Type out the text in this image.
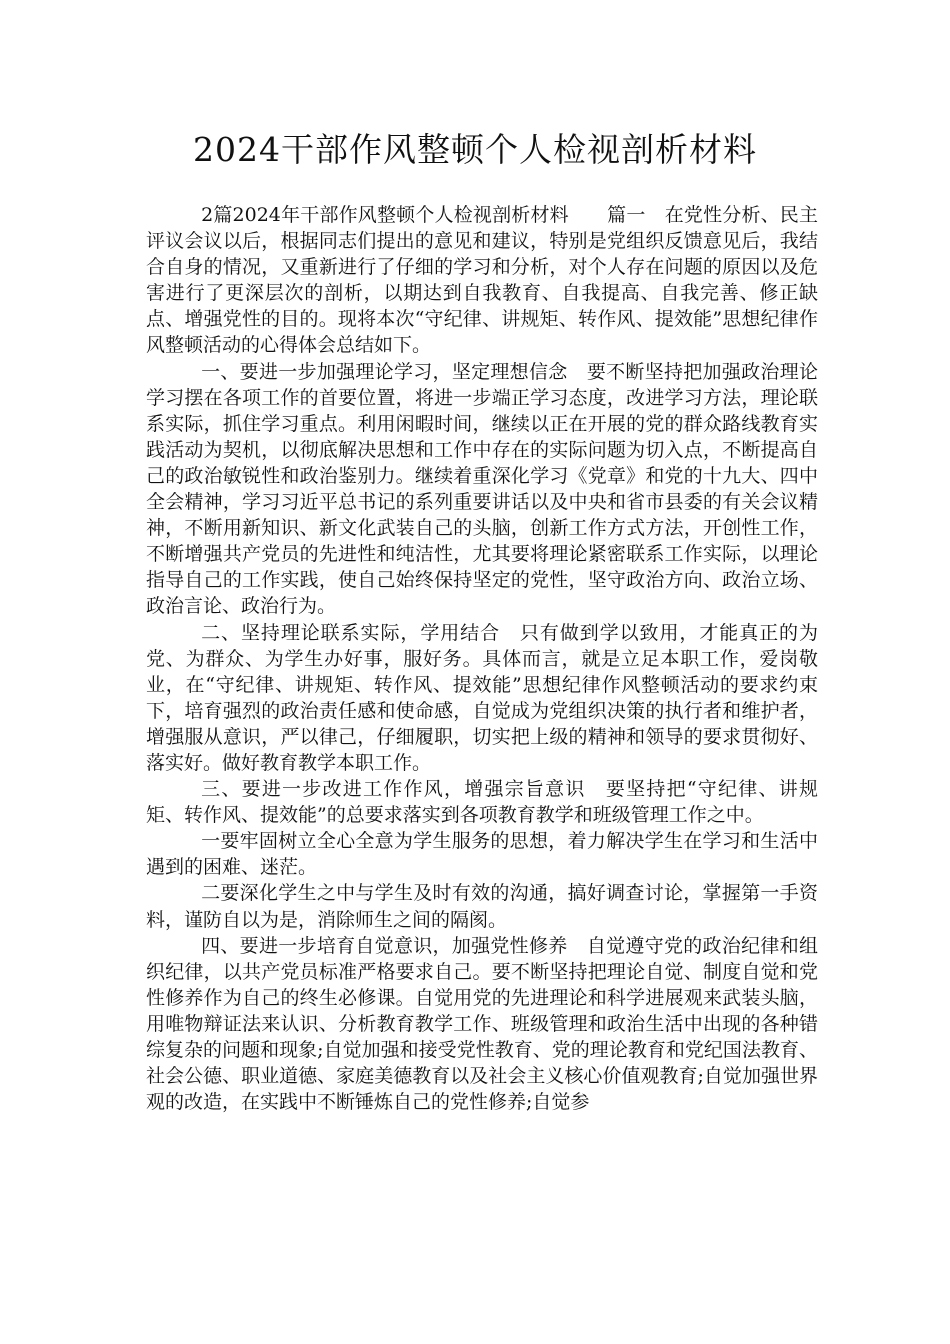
2024干部作风整顿个人检视剖析材料

2篇2024年干部作风整顿个人检视剖析材料　　篇一　在党性分析、民主评议会议以后，根据同志们提出的意见和建议，特别是党组织反馈意见后，我结合自身的情况，又重新进行了仔细的学习和分析，对个人存在问题的原因以及危害进行了更深层次的剖析，以期达到自我教育、自我提高、自我完善、修正缺点、增强党性的目的。现将本次“守纪律、讲规矩、转作风、提效能”思想纪律作风整顿活动的心得体会总结如下。

一、要进一步加强理论学习，坚定理想信念　要不断坚持把加强政治理论学习摆在各项工作的首要位置，将进一步端正学习态度，改进学习方法，理论联系实际，抓住学习重点。利用闲暇时间，继续以正在开展的党的群众路线教育实践活动为契机，以彻底解决思想和工作中存在的实际问题为切入点，不断提高自己的政治敏锐性和政治鉴别力。继续着重深化学习《党章》和党的十九大、四中全会精神，学习习近平总书记的系列重要讲话以及中央和省市县委的有关会议精神，不断用新知识、新文化武装自己的头脑，创新工作方式方法，开创性工作，不断增强共产党员的先进性和纯洁性，尤其要将理论紧密联系工作实际，以理论指导自己的工作实践，使自己始终保持坚定的党性，坚守政治方向、政治立场、政治言论、政治行为。

二、坚持理论联系实际，学用结合　只有做到学以致用，才能真正的为党、为群众、为学生办好事，服好务。具体而言，就是立足本职工作，爱岗敬业，在“守纪律、讲规矩、转作风、提效能”思想纪律作风整顿活动的要求约束下，培育强烈的政治责任感和使命感，自觉成为党组织决策的执行者和维护者，增强服从意识，严以律己，仔细履职，切实把上级的精神和领导的要求贯彻好、落实好。做好教育教学本职工作。

三、要进一步改进工作作风，增强宗旨意识　要坚持把“守纪律、讲规矩、转作风、提效能”的总要求落实到各项教育教学和班级管理工作之中。

一要牢固树立全心全意为学生服务的思想，着力解决学生在学习和生活中遇到的困难、迷茫。

二要深化学生之中与学生及时有效的沟通，搞好调查讨论，掌握第一手资料，谨防自以为是，消除师生之间的隔阂。

四、要进一步培育自觉意识，加强党性修养　自觉遵守党的政治纪律和组织纪律，以共产党员标准严格要求自己。要不断坚持把理论自觉、制度自觉和党性修养作为自己的终生必修课。自觉用党的先进理论和科学进展观来武装头脑，用唯物辩证法来认识、分析教育教学工作、班级管理和政治生活中出现的各种错综复杂的问题和现象;自觉加强和接受党性教育、党的理论教育和党纪国法教育、社会公德、职业道德、家庭美德教育以及社会主义核心价值观教育;自觉加强世界观的改造，在实践中不断锤炼自己的党性修养;自觉参
